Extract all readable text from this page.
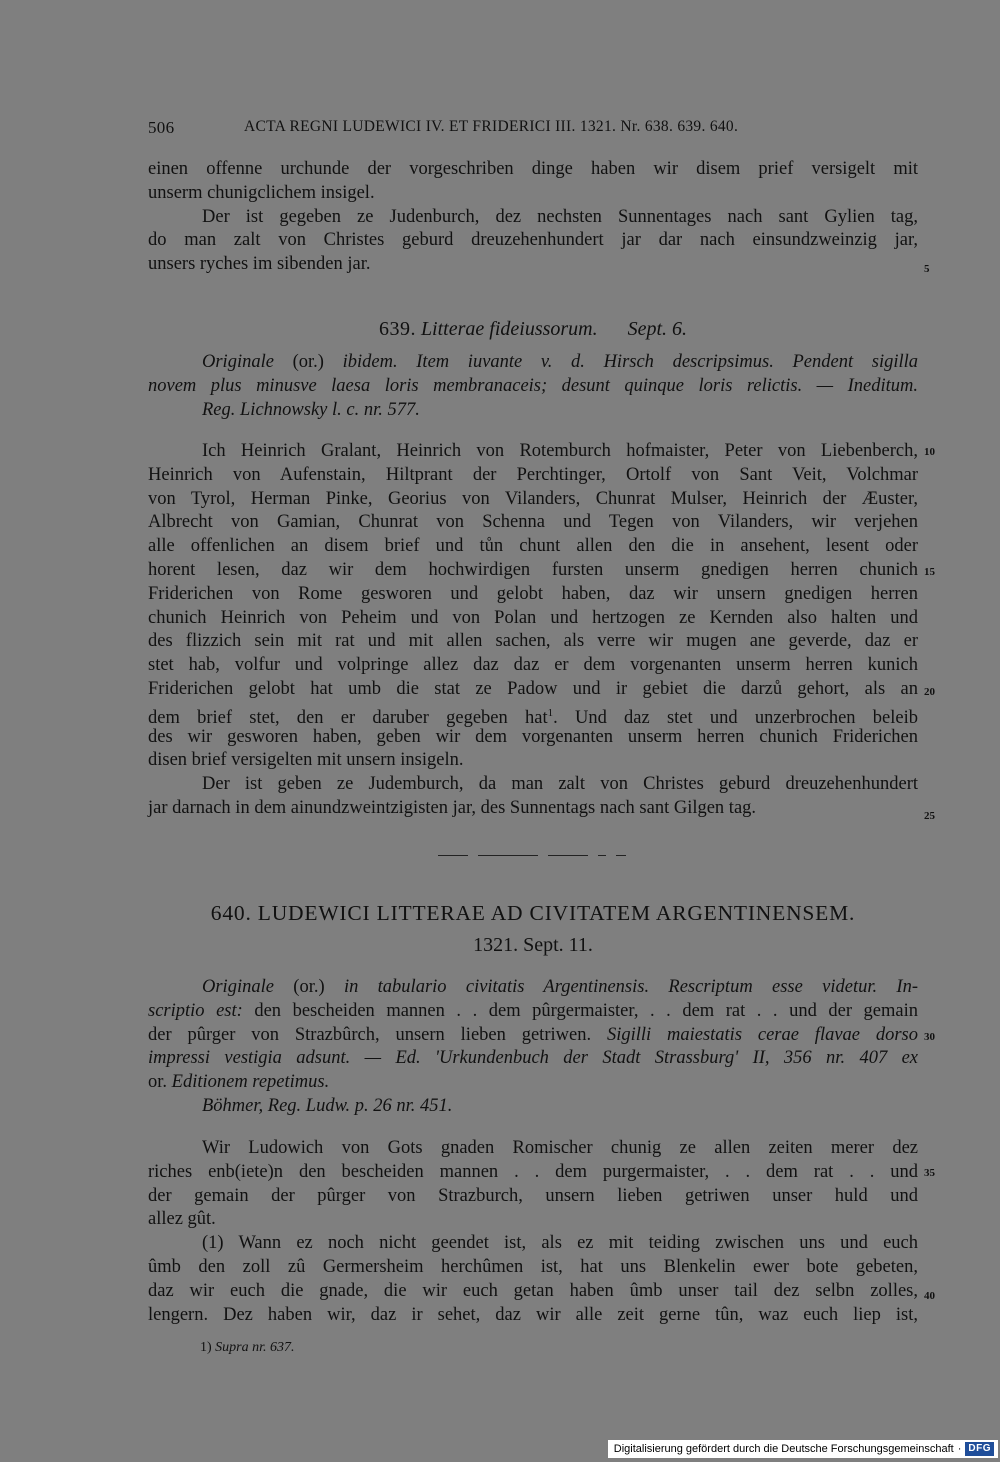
506	ACTA REGNI LUDEWICI IV. ET FRIDERICI III. 1321. Nr. 638. 639. 640.
einen offenne urchunde der vorgeschriben dinge haben wir disem prief versigelt mit
unserm chunigclichem insigel.
Der ist gegeben ze Judenburch, dez nechsten Sunnentages nach sant Gylien tag,
do man zalt von Christes geburd dreuzehenhundert jar dar nach einsundzweinzig jar,
unsers ryches im sibenden jar.	5
639. Litterae fideiussorum. Sept. 6.
Originale (or.) ibidem. Item iuvante v. d. Hirsch descripsimus. Pendent sigilla
novem plus minusve laesa loris membranaceis; desunt quinque loris relictis. — Ineditum.
Reg. Lichnowsky l. c. nr. 577.
Ich Heinrich Gralant, Heinrich von Rotemburch hofmaister, Peter von Liebenberch,
Heinrich von Aufenstain, Hiltprant der Perchtinger, Ortolf von Sant Veit, Volchmar
von Tyrol, Herman Pinke, Georius von Vilanders, Chunrat Mulser, Heinrich der Æuster,
Albrecht von Gamian, Chunrat von Schenna und Tegen von Vilanders, wir verjehen
alle offenlichen an disem brief und tůn chunt allen den die in ansehent, lesent oder
horent lesen, daz wir dem hochwirdigen fursten unserm gnedigen herren chunich
Friderichen von Rome gesworen und gelobt haben, daz wir unsern gnedigen herren
chunich Heinrich von Peheim und von Polan und hertzogen ze Kernden also halten und
des flizzich sein mit rat und mit allen sachen, als verre wir mugen ane geverde, daz er
stet hab, volfur und volpringe allez daz daz er dem vorgenanten unserm herren kunich
Friderichen gelobt hat umb die stat ze Padow und ir gebiet die darzů gehort, als an
dem brief stet, den er daruber gegeben hat$^1$. Und daz stet und unzerbrochen beleib
des wir gesworen haben, geben wir dem vorgenanten unserm herren chunich Friderichen
disen brief versigelten mit unsern insigeln.
Der ist geben ze Judemburch, da man zalt von Christes geburd dreuzehenhundert
jar darnach in dem ainundzweintzigisten jar, des Sunnentags nach sant Gilgen tag.
10
15
20
25
640. LUDEWICI LITTERAE AD CIVITATEM ARGENTINENSEM.
1321. Sept. 11.
Originale (or.) in tabulario civitatis Argentinensis. Rescriptum esse videtur. In-
scriptio est: den bescheiden mannen . . dem pûrgermaister, . . dem rat . . und der gemain
der pûrger von Strazbûrch, unsern lieben getriwen. Sigilli maiestatis cerae flavae dorso
impressi vestigia adsunt. — Ed. 'Urkundenbuch der Stadt Strassburg' II, 356 nr. 407 ex
or. Editionem repetimus.
Böhmer, Reg. Ludw. p. 26 nr. 451.
30
Wir Ludowich von Gots gnaden Romischer chunig ze allen zeiten merer dez
riches enb(iete)n den bescheiden mannen . . dem purgermaister, . . dem rat . . und
der gemain der pûrger von Strazburch, unsern lieben getriwen unser huld und
allez gût.
(1) Wann ez noch nicht geendet ist, als ez mit teiding zwischen uns und euch
ûmb den zoll zû Germersheim herchûmen ist, hat uns Blenkelin ewer bote gebeten,
daz wir euch die gnade, die wir euch getan haben ûmb unser tail dez selbn zolles,
lengern. Dez haben wir, daz ir sehet, daz wir alle zeit gerne tûn, waz euch liep ist,
35
40
1) Supra nr. 637.
Digitalisierung gefördert durch die Deutsche Forschungsgemeinschaft · DFG
